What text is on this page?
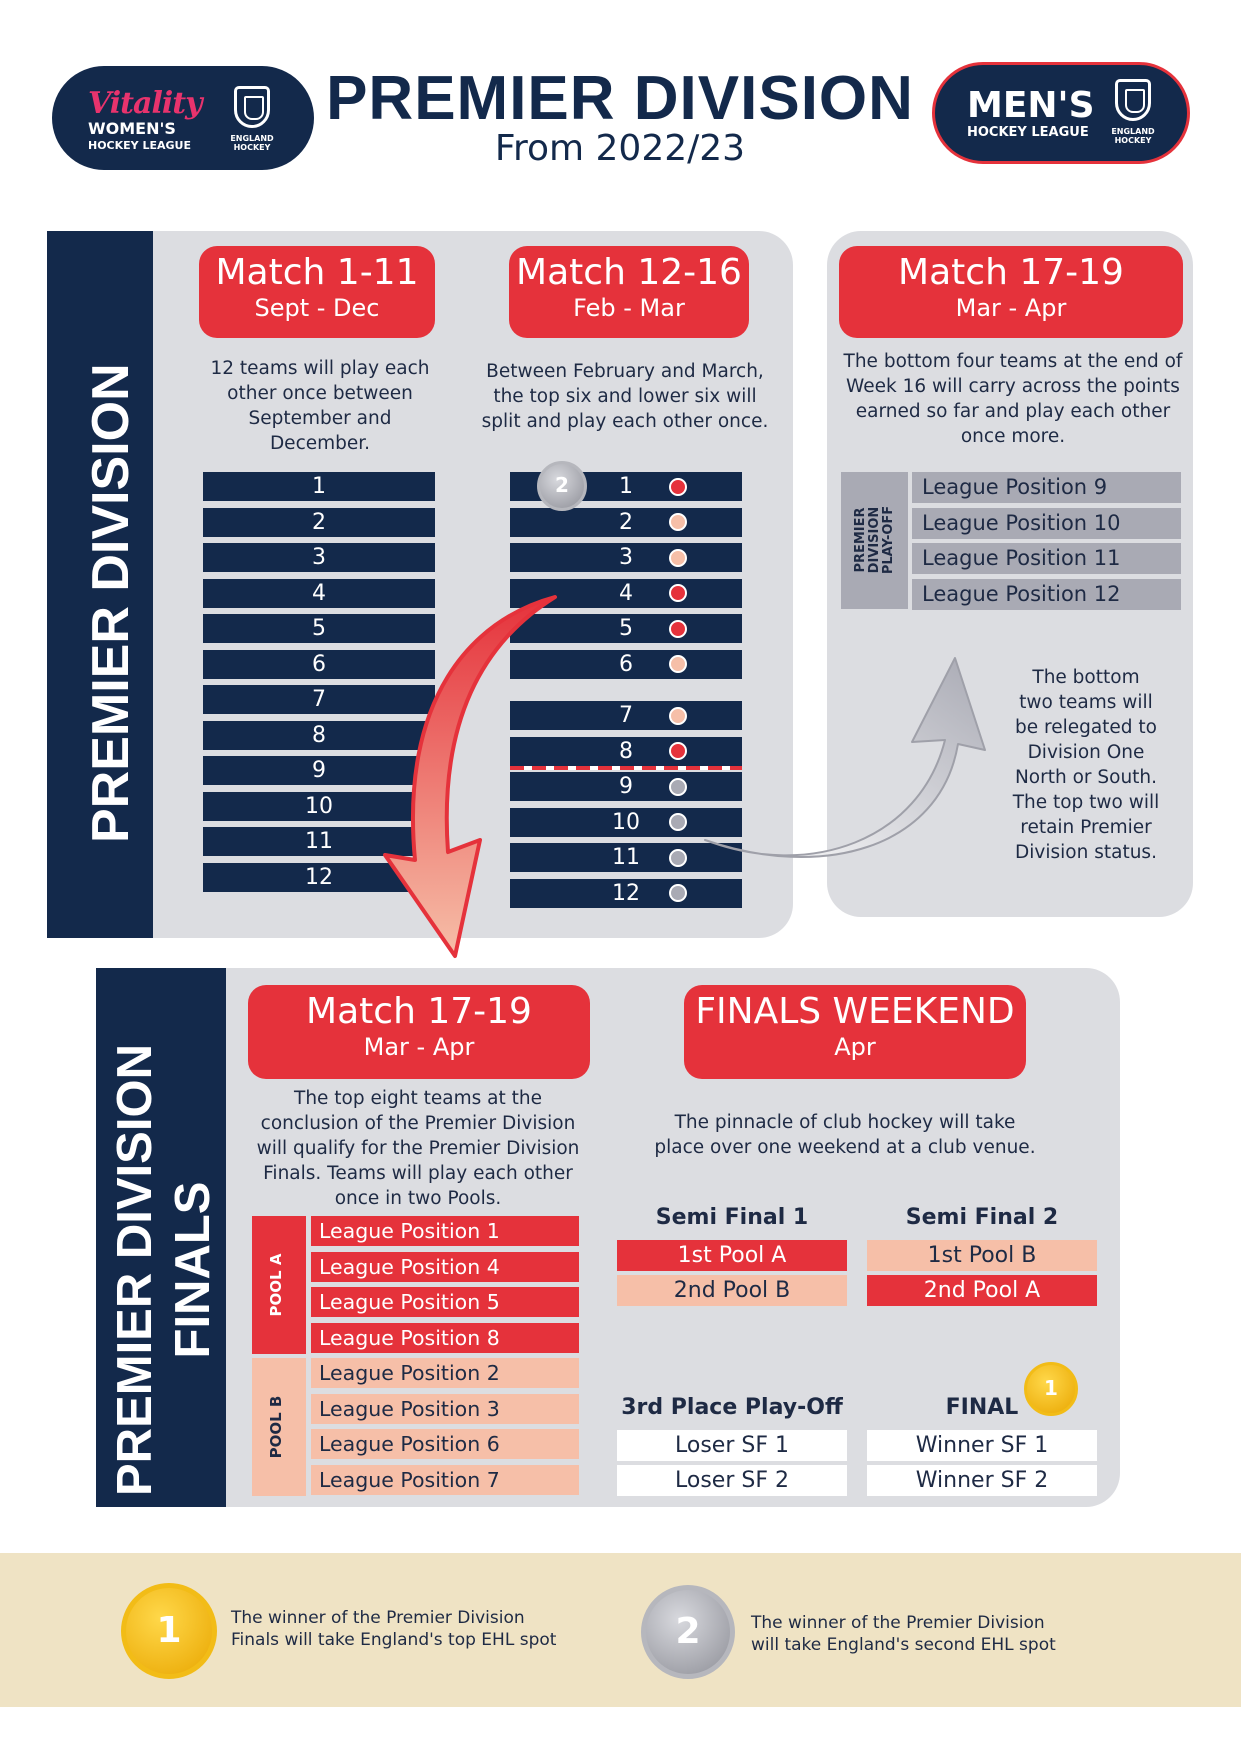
Vitality
WOMEN'S
HOCKEY LEAGUE
ENGLAND HOCKEY
PREMIER DIVISION
From 2022/23
MEN'S
HOCKEY LEAGUE	ENGLAND HOCKEY
PREMIER DIVISION
Match 1-11
Sept - Dec
12 teams will play each
other once between
September and
December.
1
2
3
4
5
6
7
8
9
10
11
12
Match 12-16
Feb - Mar
Between February and March,
the top six and lower six will
split and play each other once.
1
2
3
4
5
6
7
8
9
10
11
12
2
Match 17-19
Mar - Apr
The bottom four teams at the end of
Week 16 will carry across the points
earned so far and play each other
once more.
PREMIER DIVISION PLAY-OFF
League Position 9
League Position 10
League Position 11
League Position 12
The bottom
two teams will
be relegated to
Division One
North or South.
The top two will
retain Premier
Division status.
PREMIER DIVISION FINALS
Match 17-19
Mar - Apr
The top eight teams at the
conclusion of the Premier Division
will qualify for the Premier Division
Finals. Teams will play each other
once in two Pools.
POOL A
POOL B
League Position 1
League Position 4
League Position 5
League Position 8
League Position 2
League Position 3
League Position 6
League Position 7
FINALS WEEKEND
Apr
The pinnacle of club hockey will take
place over one weekend at a club venue.
Semi Final 1
1st Pool A
2nd Pool B
Semi Final 2
1st Pool B
2nd Pool A
3rd Place Play-Off
Loser SF 1
Loser SF 2
FINAL
Winner SF 1
Winner SF 2
1
1	The winner of the Premier Division
Finals will take England's top EHL spot	2	The winner of the Premier Division
will take England's second EHL spot
